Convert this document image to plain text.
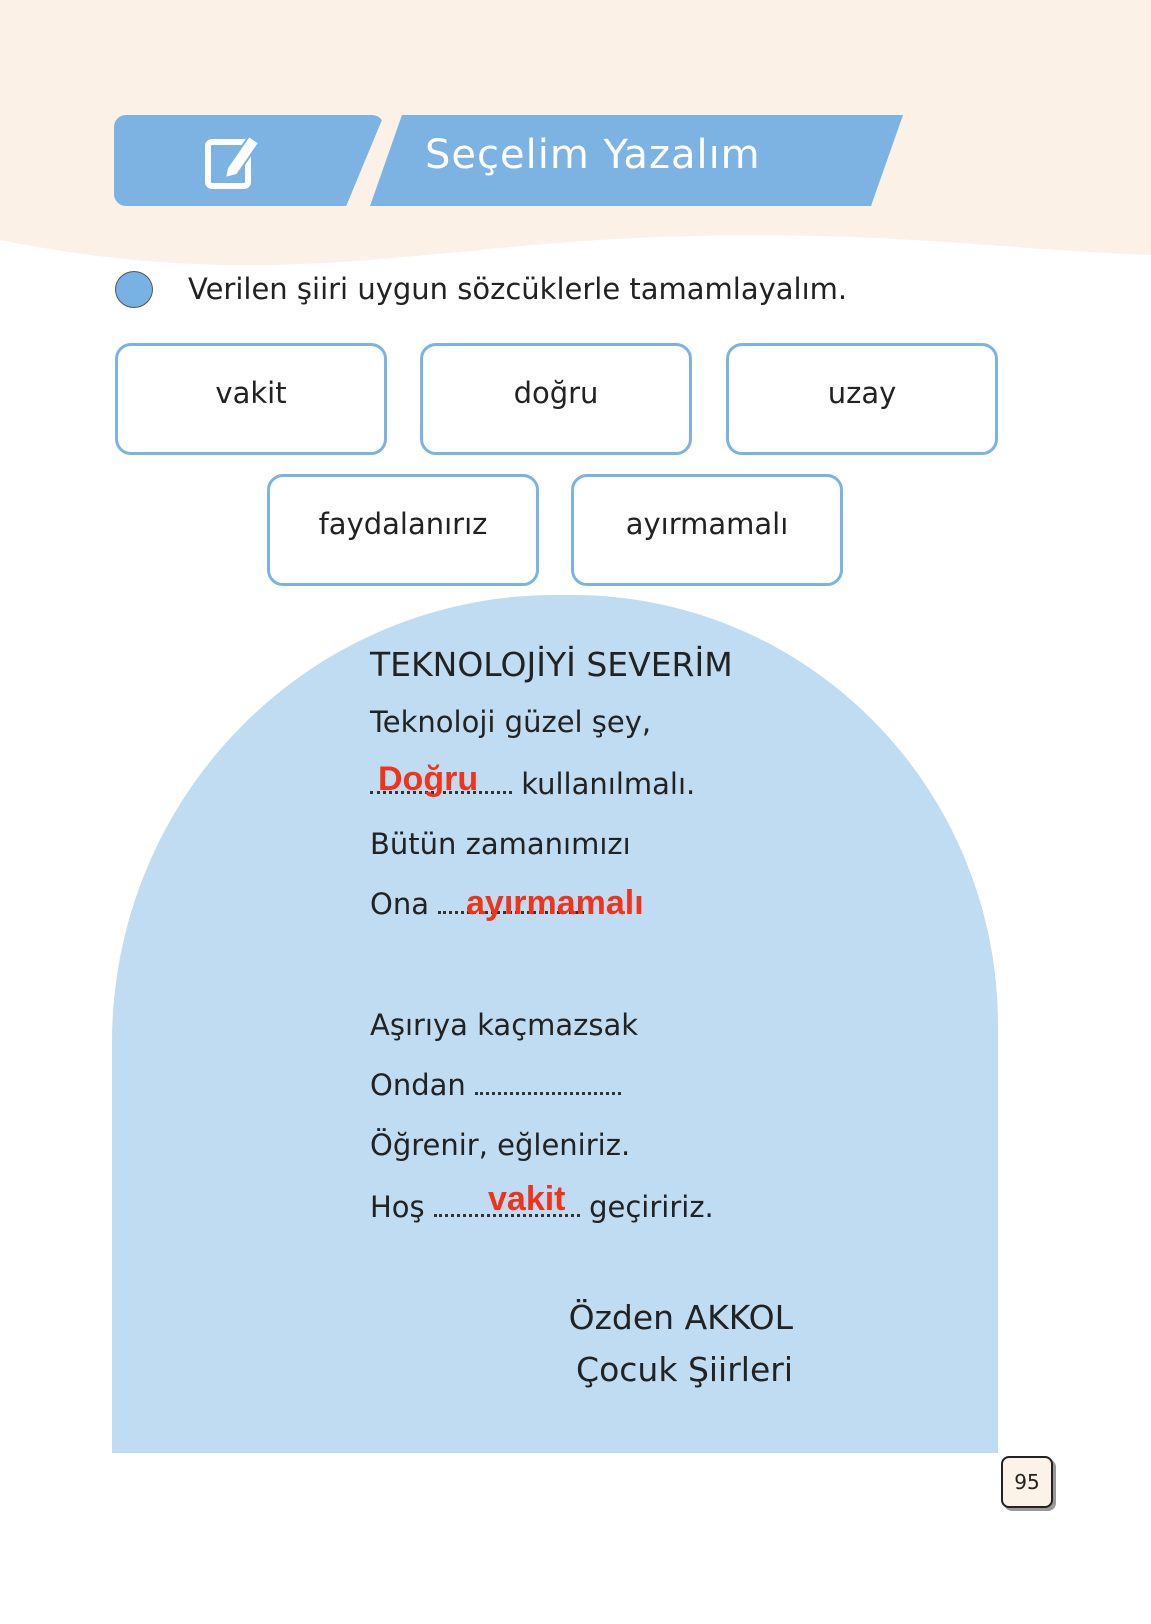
Seçelim Yazalım
Verilen şiiri uygun sözcüklerle tamamlayalım.
vakit	doğru	uzay
faydalanırız	ayırmamalı
TEKNOLOJİYİ SEVERİM
Teknoloji güzel şey,
kullanılmalı.
Bütün zamanımızı
Ona
Aşırıya kaçmazsak
Ondan
Öğrenir, eğleniriz.
Hoş	geçiririz.
Doğru
ayırmamalı
vakit
Özden AKKOL
Çocuk Şiirleri
95
